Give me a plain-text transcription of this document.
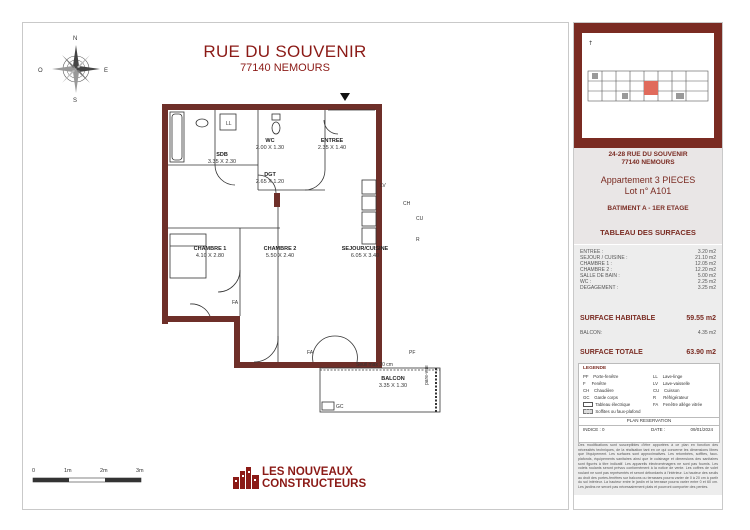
N
S
E
O
RUE DU SOUVENIR
77140 NEMOURS
SDB
3.35 X 2.30
WC
2.00 X 1.30
ENTREE
2.35 X 1.40
DGT
2.65 X 1.20
CHAMBRE 1
4.10 X 2.80
CHAMBRE 2
5.50 X 2.40
SEJOUR/CUISINE
6.05 X 3.40
BALCON
3.35 X 1.30
LL
LV
CH
CU
R
FA
FA	PF
GC
Seuil max 20 cm
pare-vue
0	1m	2m	3m	LES NOUVEAUX
CONSTRUCTEURS
↑
24-28 RUE DU SOUVENIR
77140 NEMOURS
Appartement 3 PIECES
Lot n° A101
BATIMENT A - 1ER ETAGE
TABLEAU DES SURFACES
ENTREE :	3.20 m2
SEJOUR / CUISINE :	21.10 m2
CHAMBRE 1 :	12.05 m2
CHAMBRE 2 :	12.20 m2
SALLE DE BAIN :	5.00 m2
WC :	2.25 m2
DEGAGEMENT :	3.25 m2
SURFACE HABITABLE	59.55 m2
BALCON:	4.35 m2
SURFACE TOTALE	63.90 m2
LEGENDE
PF Porte-fenêtre	LL Lave-linge
F Fenêtre	LV Lave-vaisselle
CH Chaudière	CU Cuisson
GC Garde corps	R Réfrigérateur
Tableau électrique	FA Fenêtre allège vitrée
Soffites ou faux-plafond
PLAN RESERVATION
INDICE : 0	DATE :	09/01/2024
Des modifications sont susceptibles d'être apportées à ce plan en fonction des nécessités techniques, de la réalisation tant en ce qui concerne les dimensions libres que l'équipement. Les surfaces sont approximatives. Les retombées, soffites, faux-plafonds, équipements sanitaires ainsi que le cuisinage et dimensions des sanitaires sont figurés à titre indicatif. Les appareils électroménagers ne sont pas fournis. Les volets roulants seront prévus conformément à la notice de vente. Les coffres de volet roulant ne sont pas représentés et seront débordants à l'intérieur. La hauteur des seuils au droit des portes-fenêtres sur balcons ou terrasses pourra varier de 0 à 20 cm à partir du sol intérieur. La hauteur entre le jardin et la terrasse pourra varier entre 0 et 60 cm. Les jardins ne seront pas nécessairement plats et pourront comporter des pentes.
